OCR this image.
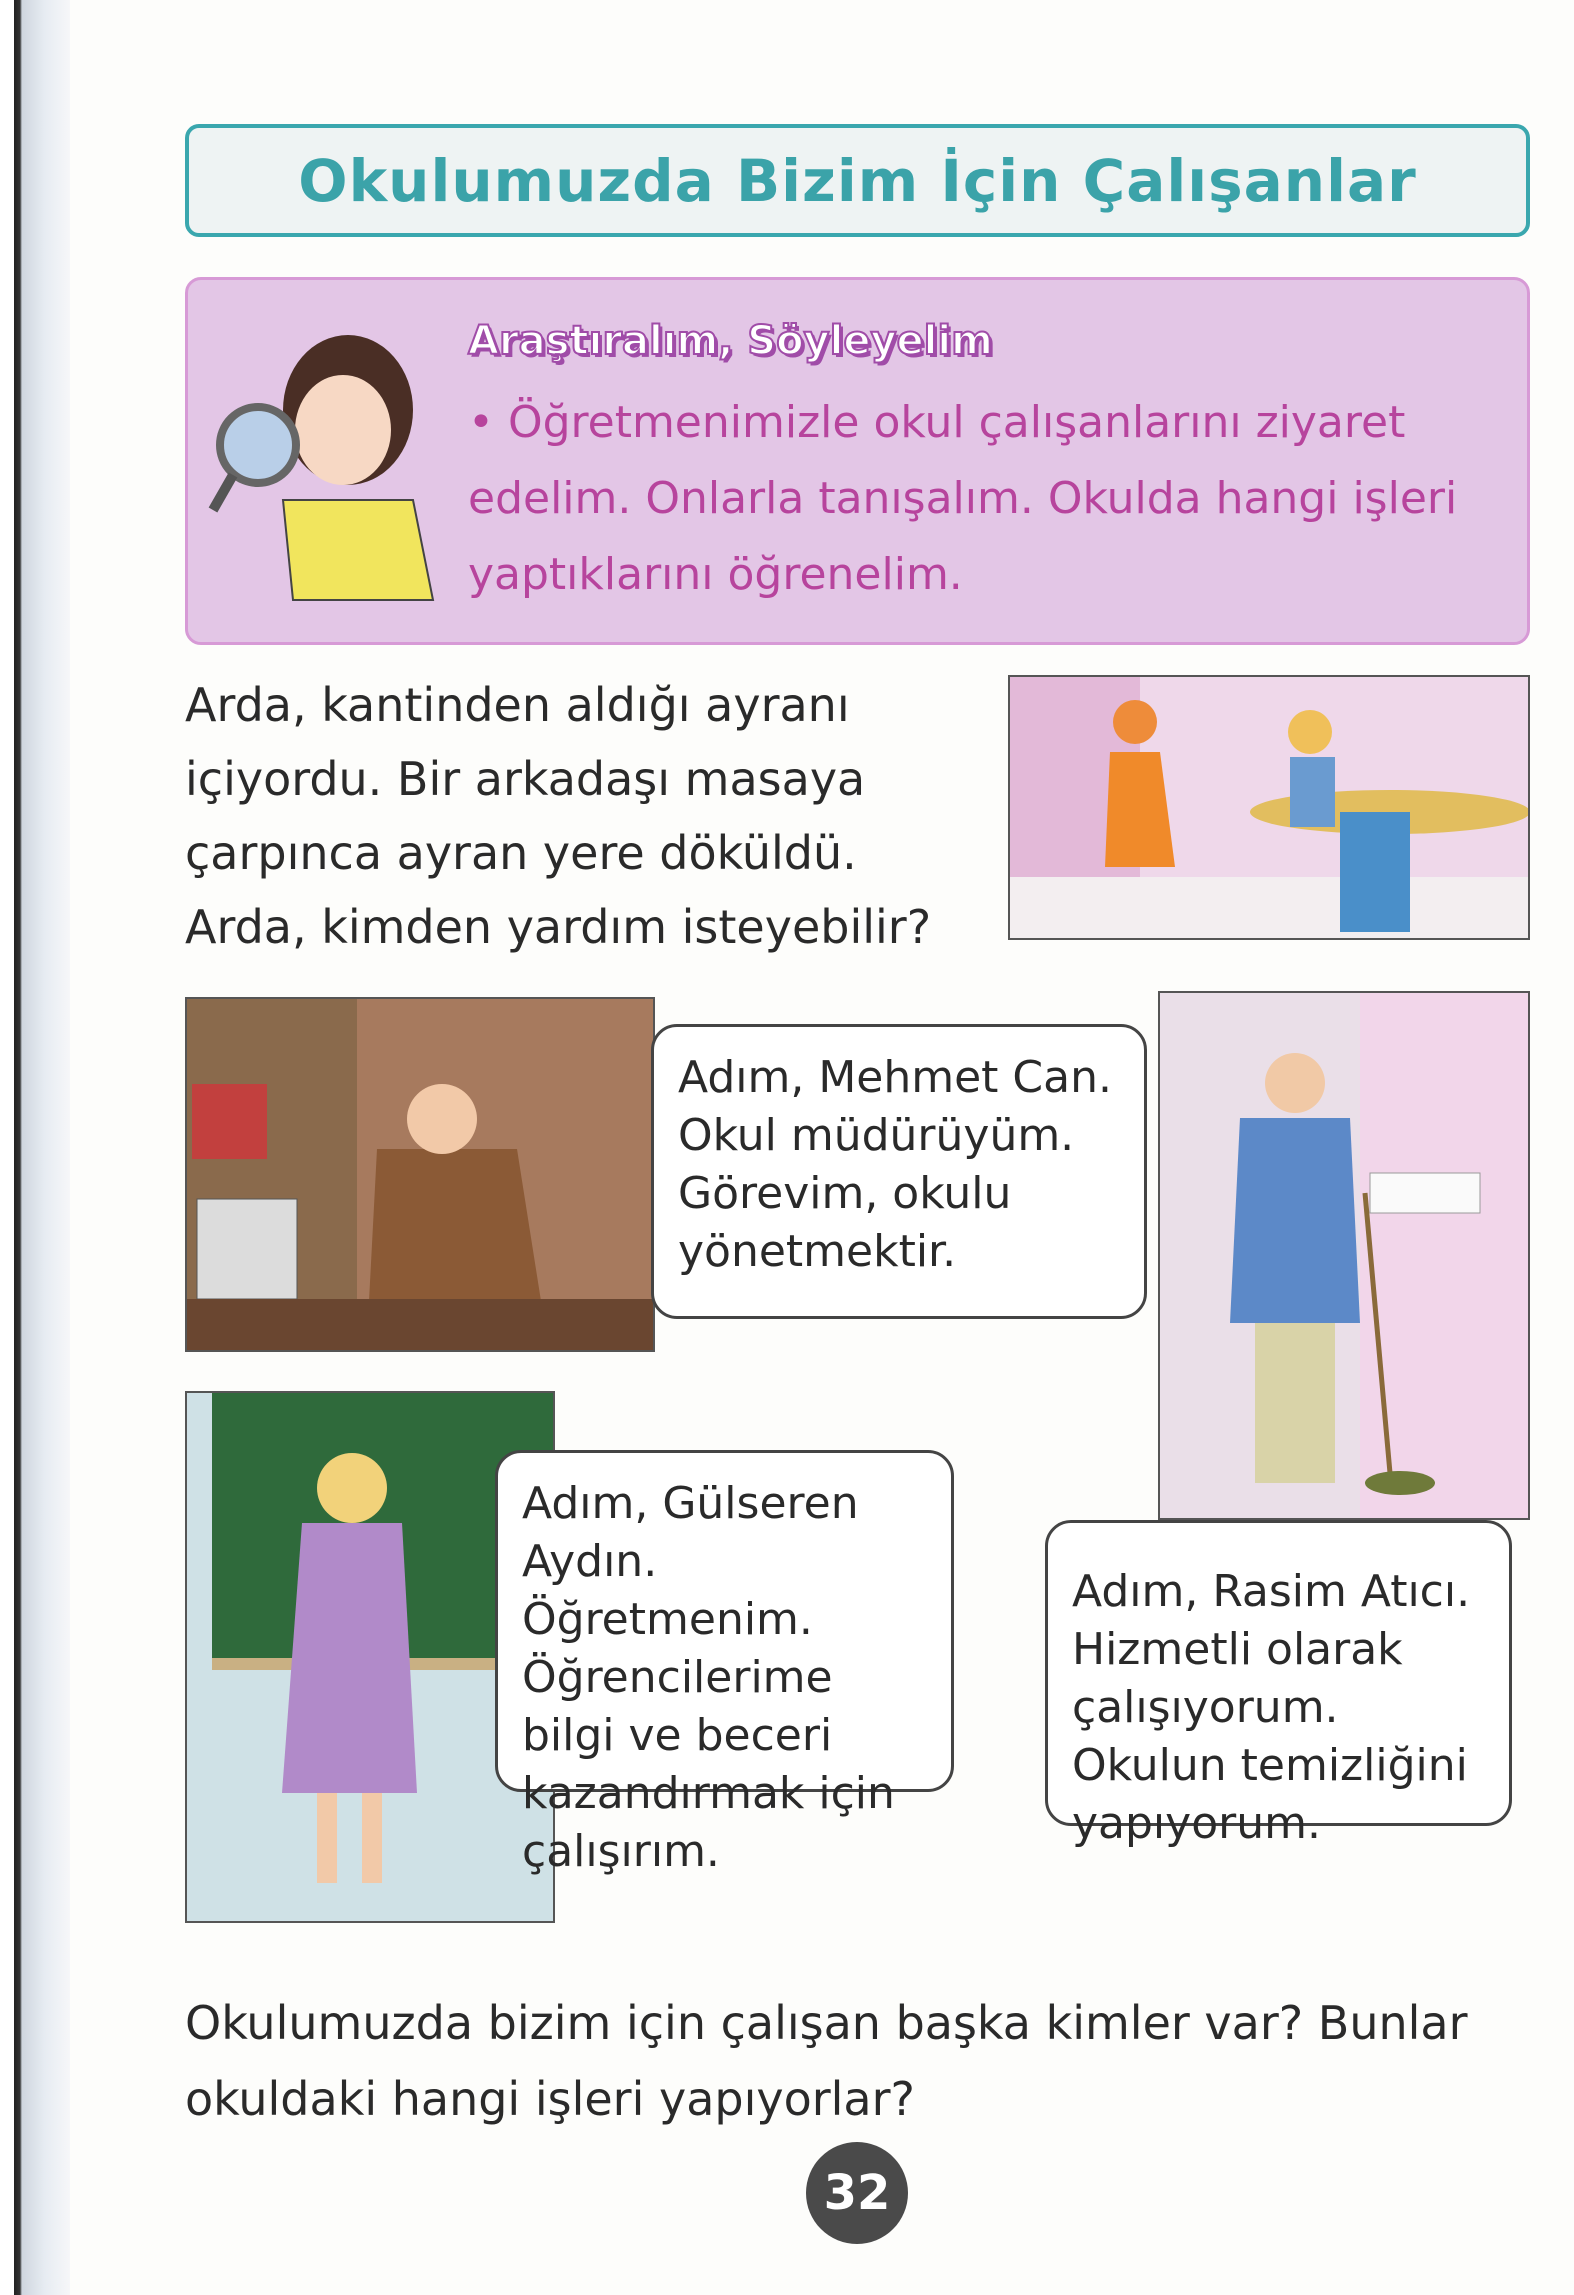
Okulumuzda Bizim İçin Çalışanlar
Araştıralım, Söyleyelim

• Öğretmenimizle okul çalışanlarını ziyaret edelim. Onlarla tanışalım. Okulda hangi işleri yaptıklarını öğrenelim.

Arda, kantinden aldığı ayranı içiyordu. Bir arkadaşı masaya çarpınca ayran yere döküldü. Arda, kimden yardım isteyebilir?

Adım, Mehmet Can. Okul müdürüyüm. Görevim, okulu yönetmektir.
Adım, Rasim Atıcı. Hizmetli olarak çalışıyorum. Okulun temizliğini yapıyorum.
Adım, Gülseren Aydın. Öğretmenim. Öğrencilerime bilgi ve beceri kazandırmak için çalışırım.

Okulumuzda bizim için çalışan başka kimler var? Bunlar okuldaki hangi işleri yapıyorlar?

32
